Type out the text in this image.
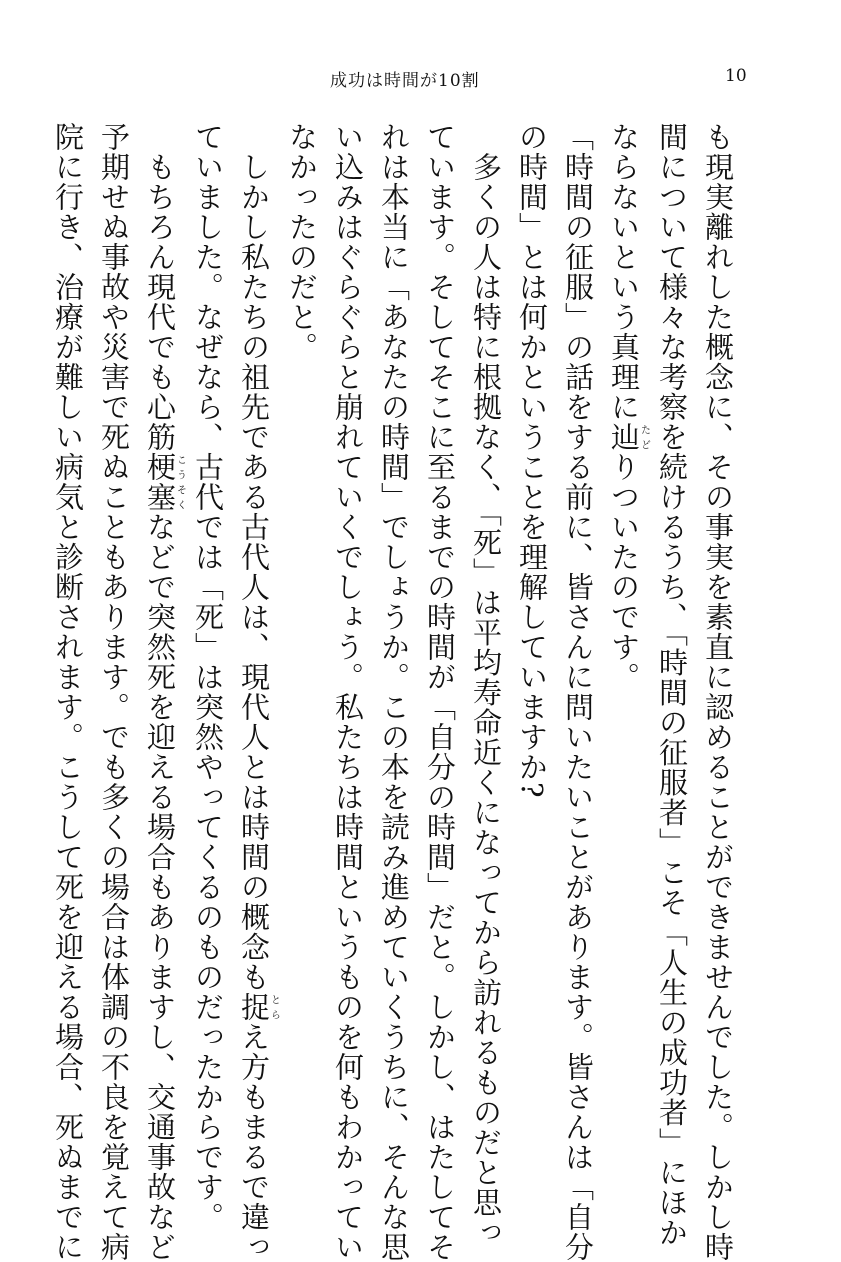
成功は時間が10割	10
も現実離れした概念に、その事実を素直に認めることができませんでした。しかし時
間について様々な考察を続けるうち、「時間の征服者」こそ「人生の成功者」にほか
ならないという真理に辿たどりついたのです。
「時間の征服」の話をする前に、皆さんに問いたいことがあります。皆さんは「自分
の時間」とは何かということを理解していますか?
　多くの人は特に根拠なく、「死」は平均寿命近くになってから訪れるものだと思っ
ています。そしてそこに至るまでの時間が「自分の時間」だと。しかし、はたしてそ
れは本当に「あなたの時間」でしょうか。この本を読み進めていくうちに、そんな思
い込みはぐらぐらと崩れていくでしょう。私たちは時間というものを何もわかってい
なかったのだと。
　しかし私たちの祖先である古代人は、現代人とは時間の概念も捉とらえ方もまるで違っ
ていました。なぜなら、古代では「死」は突然やってくるのものだったからです。
　もちろん現代でも心筋梗塞こうそくなどで突然死を迎える場合もありますし、交通事故など
予期せぬ事故や災害で死ぬこともあります。でも多くの場合は体調の不良を覚えて病
院に行き、治療が難しい病気と診断されます。こうして死を迎える場合、死ぬまでに
